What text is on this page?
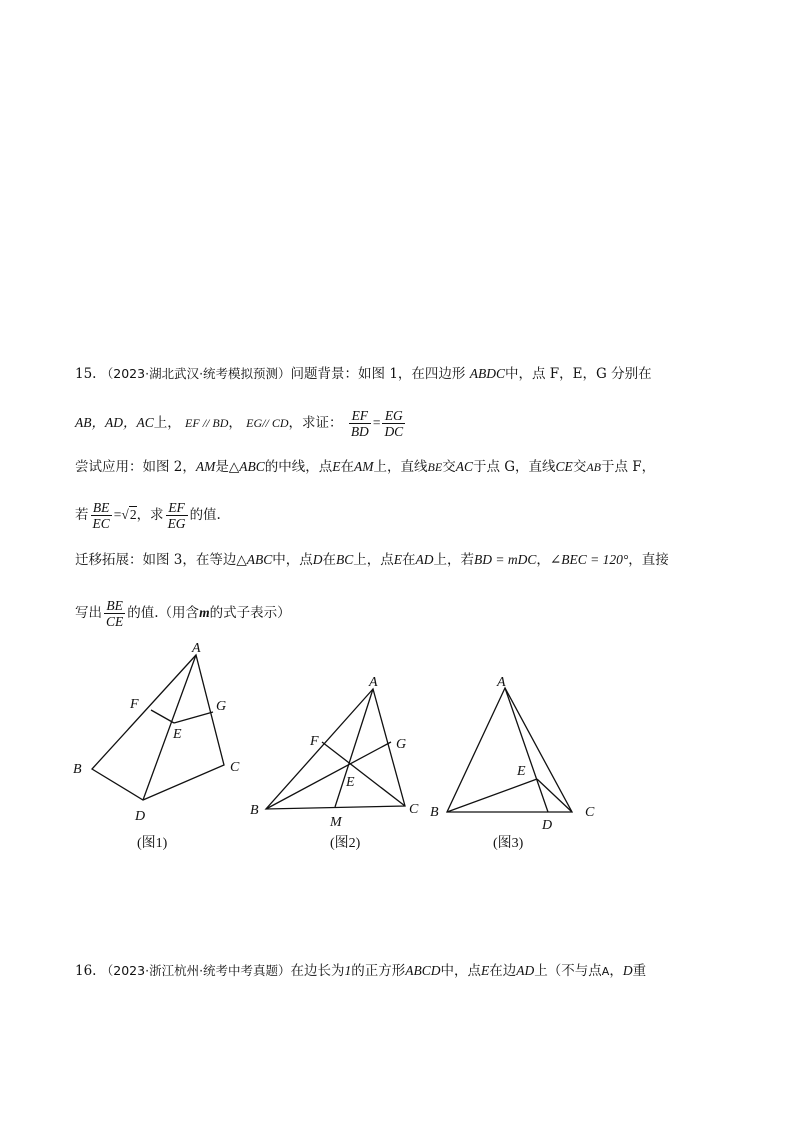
15. （2023·湖北武汉·统考模拟预测）问题背景：如图 1，在四边形 ABDC中，点 F，E，G 分别在
AB，AD，AC上， EF // BD， EG// CD，求证： $\frac{EF}{BD} = \frac{EG}{DC}$
尝试应用：如图 2，AM是△ABC的中线，点E在AM上，直线BE交AC于点 G，直线CE交AB于点 F，
若 $\frac{BE}{EC} =√2$，求 $\frac{EF}{EG}$ 的值.
迁移拓展：如图 3，在等边△ABC中，点D在BC上，点E在AD上，若BD = mDC，∠BEC = 120°，直接
写出 $\frac{BE}{CE}$ 的值.（用含m的式子表示）
A
F	G
E
B	C
D
(图1)
A
F	G
E
B	C
M
(图2)
A
E
B	C
D
(图3)
16. （2023·浙江杭州·统考中考真题）在边长为1的正方形ABCD中，点E在边AD上（不与点A，D重
